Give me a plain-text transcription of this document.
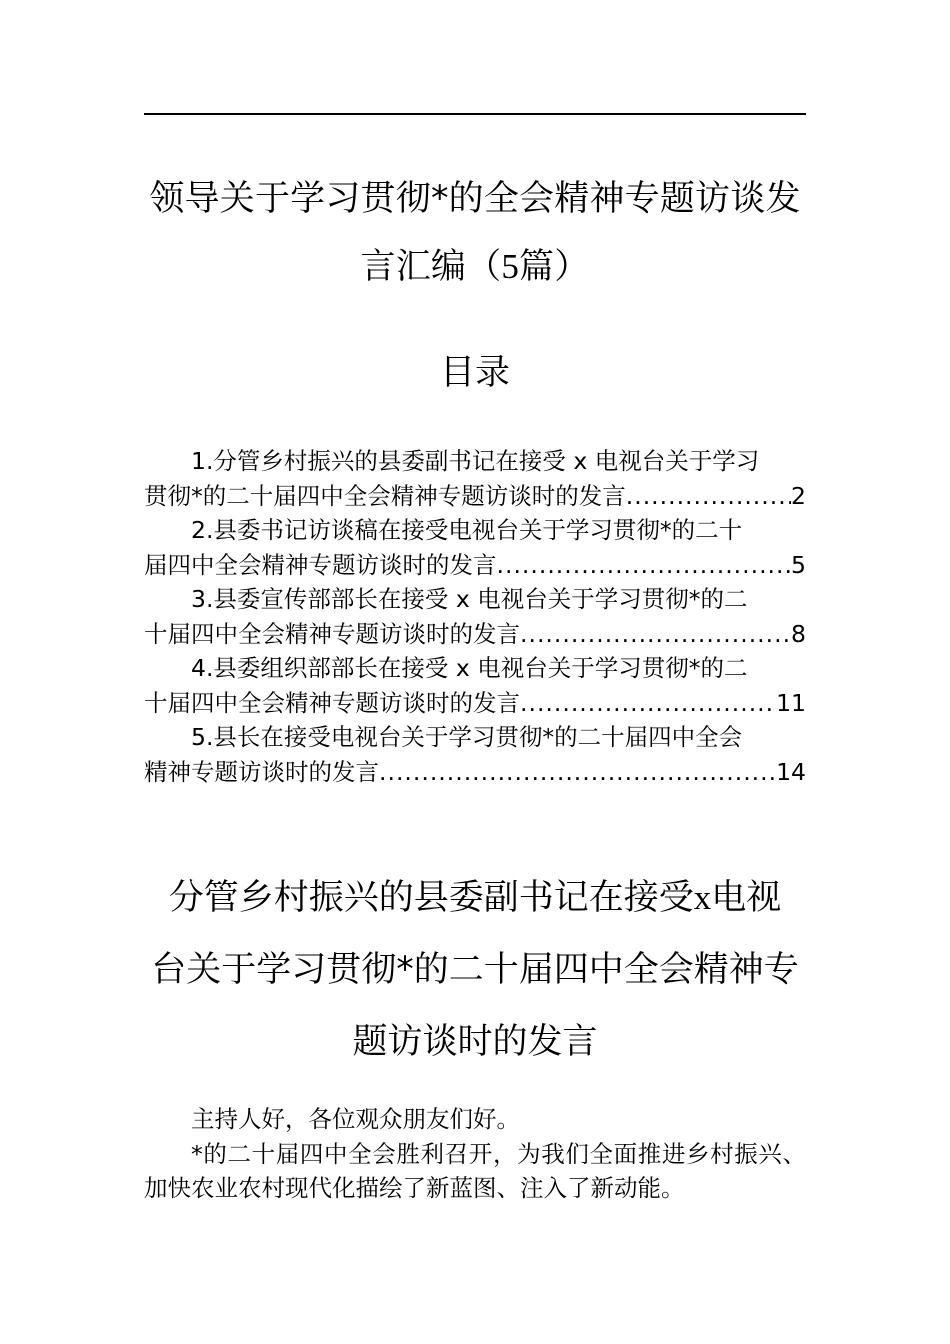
领导关于学习贯彻*的全会精神专题访谈发
言汇编（5篇）
目录
1.分管乡村振兴的县委副书记在接受 x 电视台关于学习
贯彻*的二十届四中全会精神专题访谈时的发言 .....	2
2.县委书记访谈稿在接受电视台关于学习贯彻*的二十
届四中全会精神专题访谈时的发言 .....	5
3.县委宣传部部长在接受 x 电视台关于学习贯彻*的二
十届四中全会精神专题访谈时的发言 .....	8
4.县委组织部部长在接受 x 电视台关于学习贯彻*的二
十届四中全会精神专题访谈时的发言 .....	11
5.县长在接受电视台关于学习贯彻*的二十届四中全会
精神专题访谈时的发言 .....	14
分管乡村振兴的县委副书记在接受x电视
台关于学习贯彻*的二十届四中全会精神专
题访谈时的发言

主持人好，各位观众朋友们好。

*的二十届四中全会胜利召开，为我们全面推进乡村振兴、加快农业农村现代化描绘了新蓝图、注入了新动能。
